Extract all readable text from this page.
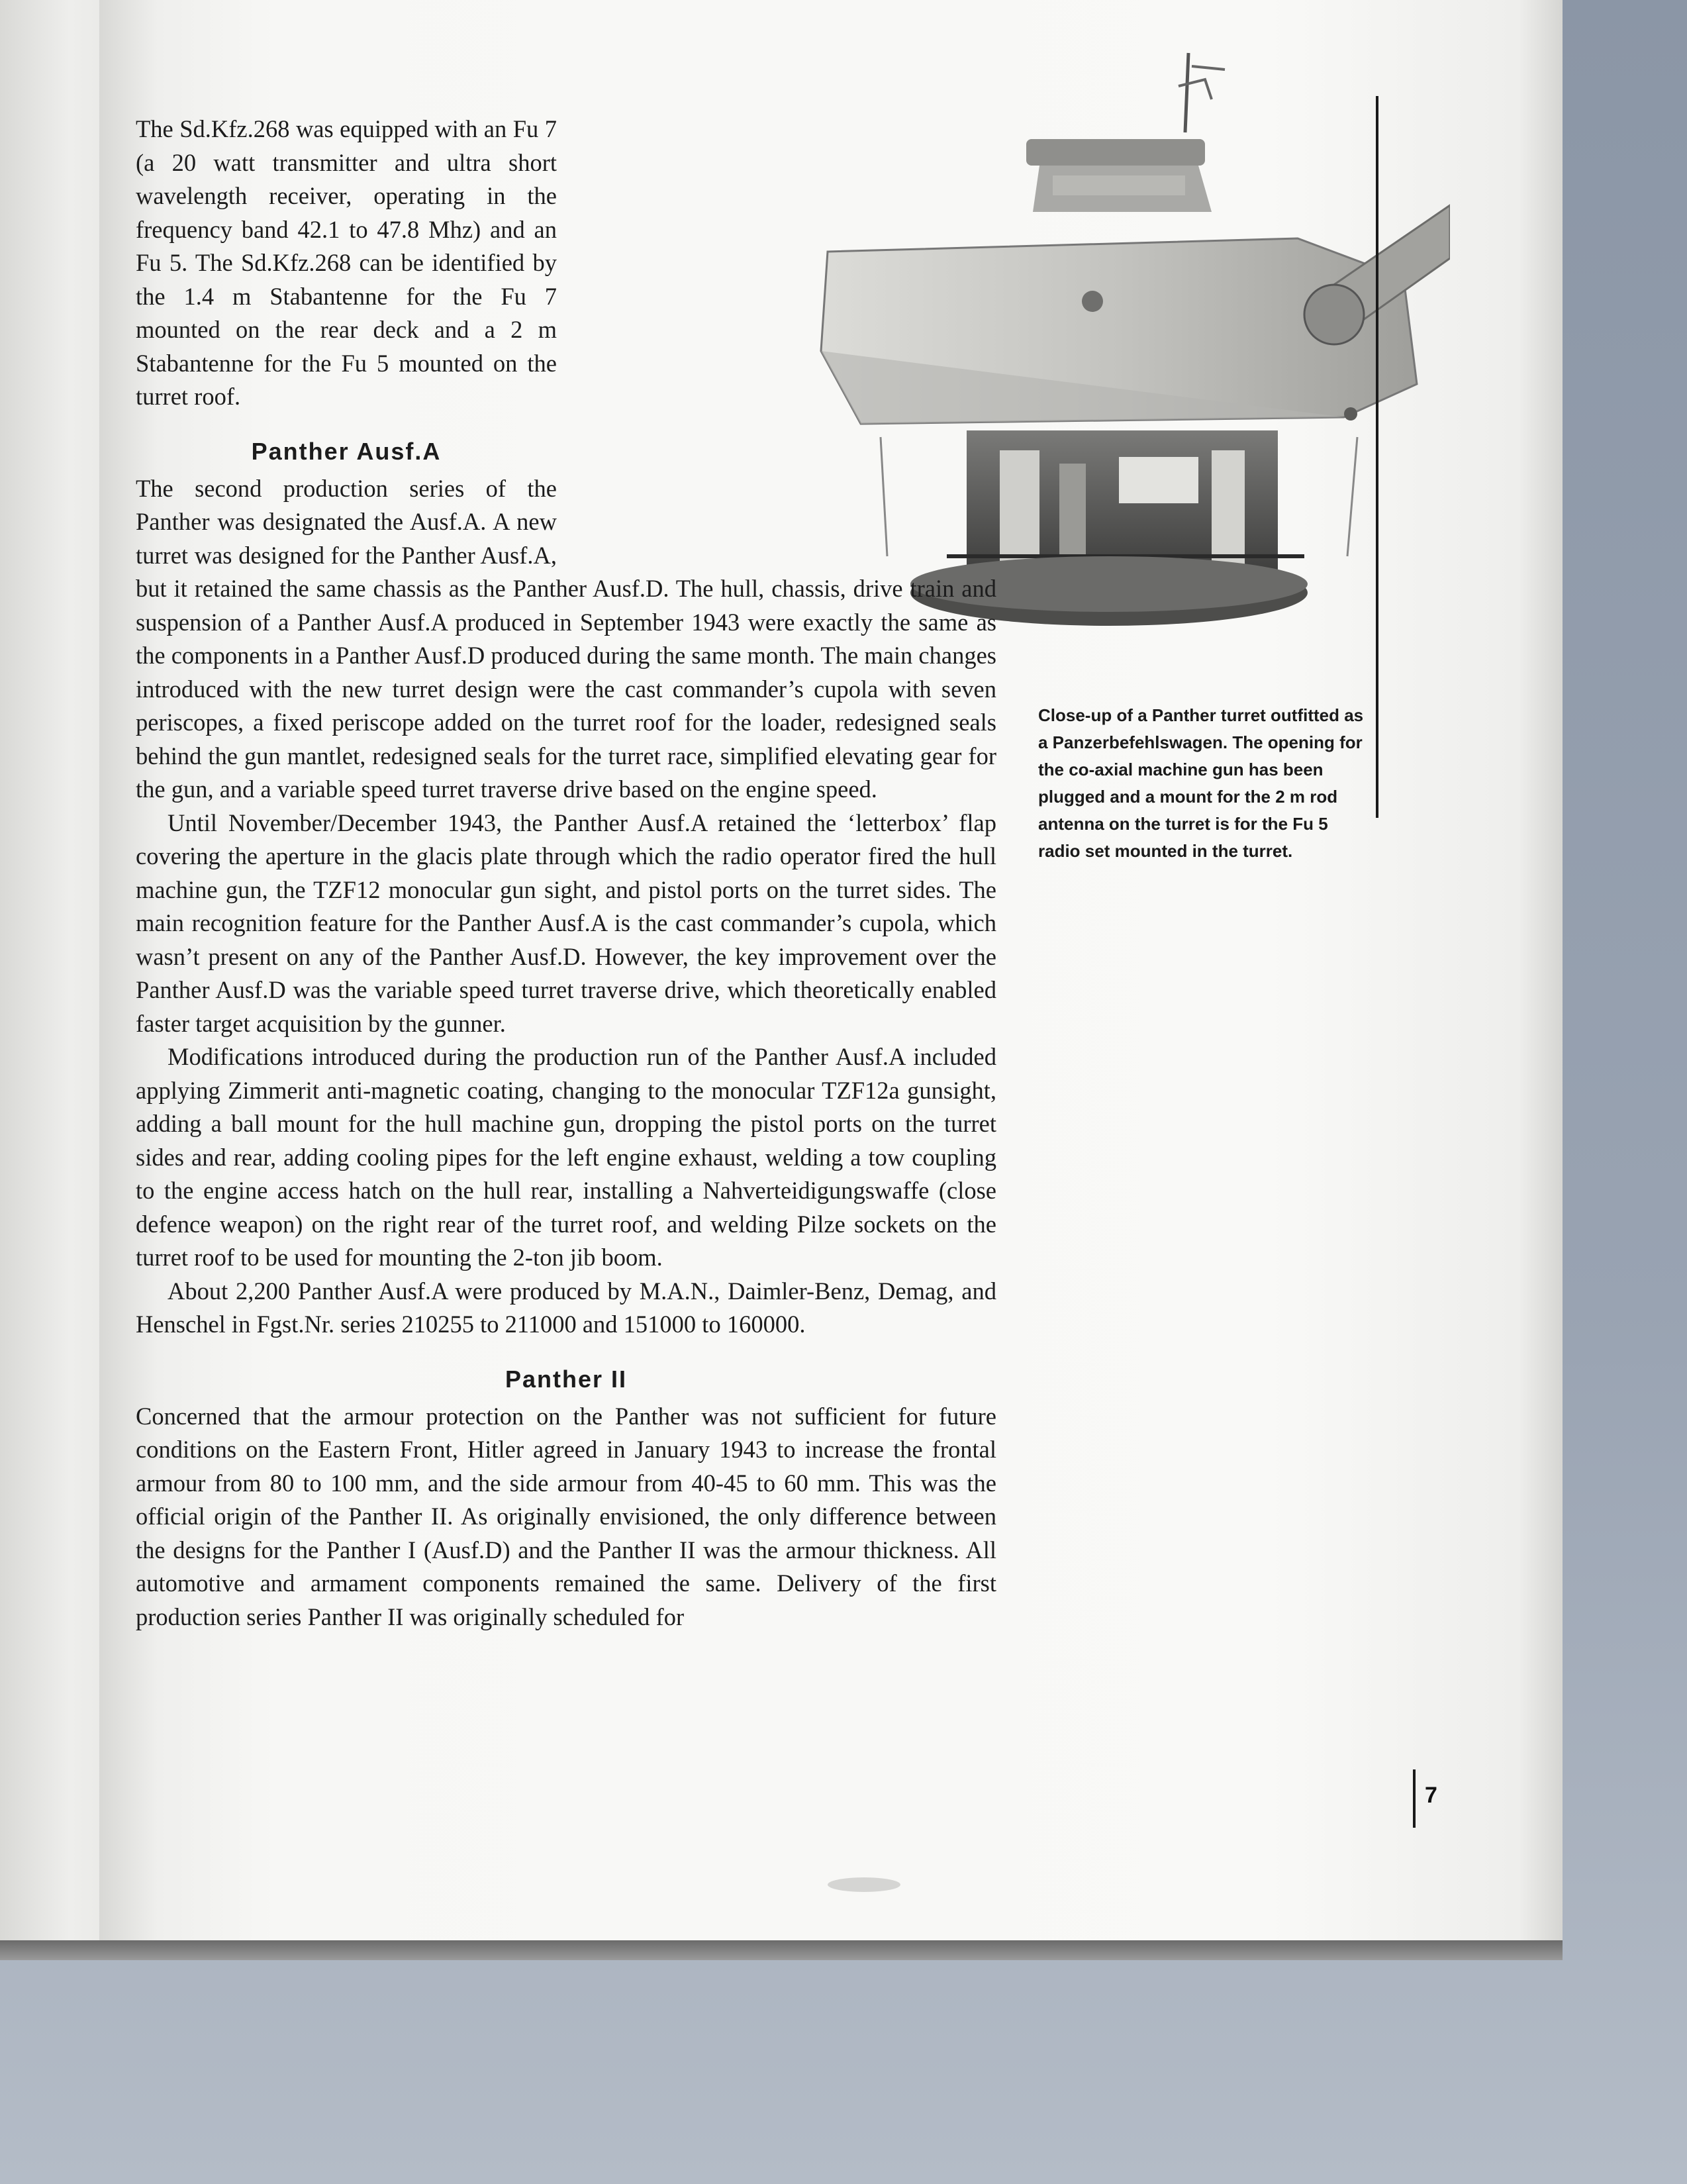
The Sd.Kfz.268 was equipped with an Fu 7 (a 20 watt transmitter and ultra short wavelength receiver, operating in the frequency band 42.1 to 47.8 Mhz) and an Fu 5. The Sd.Kfz.268 can be identified by the 1.4 m Stabantenne for the Fu 7 mounted on the rear deck and a 2 m Stabantenne for the Fu 5 mounted on the turret roof.

Panther Ausf.A

The second production series of the Panther was designated the Ausf.A. A new turret was designed for the Panther Ausf.A, but it retained the same chassis as the Panther Ausf.D. The hull, chassis, drive train and suspension of a Panther Ausf.A produced in September 1943 were exactly the same as the components in a Panther Ausf.D produced during the same month. The main changes introduced with the new turret design were the cast commander’s cupola with seven periscopes, a fixed periscope added on the turret roof for the loader, redesigned seals behind the gun mantlet, redesigned seals for the turret race, simplified elevating gear for the gun, and a variable speed turret traverse drive based on the engine speed.

Until November/December 1943, the Panther Ausf.A retained the ‘letterbox’ flap covering the aperture in the glacis plate through which the radio operator fired the hull machine gun, the TZF12 monocular gun sight, and pistol ports on the turret sides. The main recognition feature for the Panther Ausf.A is the cast commander’s cupola, which wasn’t present on any of the Panther Ausf.D. However, the key improvement over the Panther Ausf.D was the variable speed turret traverse drive, which theoretically enabled faster target acquisition by the gunner.

Modifications introduced during the production run of the Panther Ausf.A included applying Zimmerit anti-magnetic coating, changing to the monocular TZF12a gunsight, adding a ball mount for the hull machine gun, dropping the pistol ports on the turret sides and rear, adding cooling pipes for the left engine exhaust, welding a tow coupling to the engine access hatch on the hull rear, installing a Nahverteidigungswaffe (close defence weapon) on the right rear of the turret roof, and welding Pilze sockets on the turret roof to be used for mounting the 2-ton jib boom.

About 2,200 Panther Ausf.A were produced by M.A.N., Daimler-Benz, Demag, and Henschel in Fgst.Nr. series 210255 to 211000 and 151000 to 160000.

Panther II

Concerned that the armour protection on the Panther was not sufficient for future conditions on the Eastern Front, Hitler agreed in January 1943 to increase the frontal armour from 80 to 100 mm, and the side armour from 40-45 to 60 mm. This was the official origin of the Panther II. As originally envisioned, the only difference between the designs for the Panther I (Ausf.D) and the Panther II was the armour thickness. All automotive and armament components remained the same. Delivery of the first production series Panther II was originally scheduled for

Close-up of a Panther turret outfitted as a Panzerbefehlswagen. The opening for the co-axial machine gun has been plugged and a mount for the 2 m rod antenna on the turret is for the Fu 5 radio set mounted in the turret.
7
